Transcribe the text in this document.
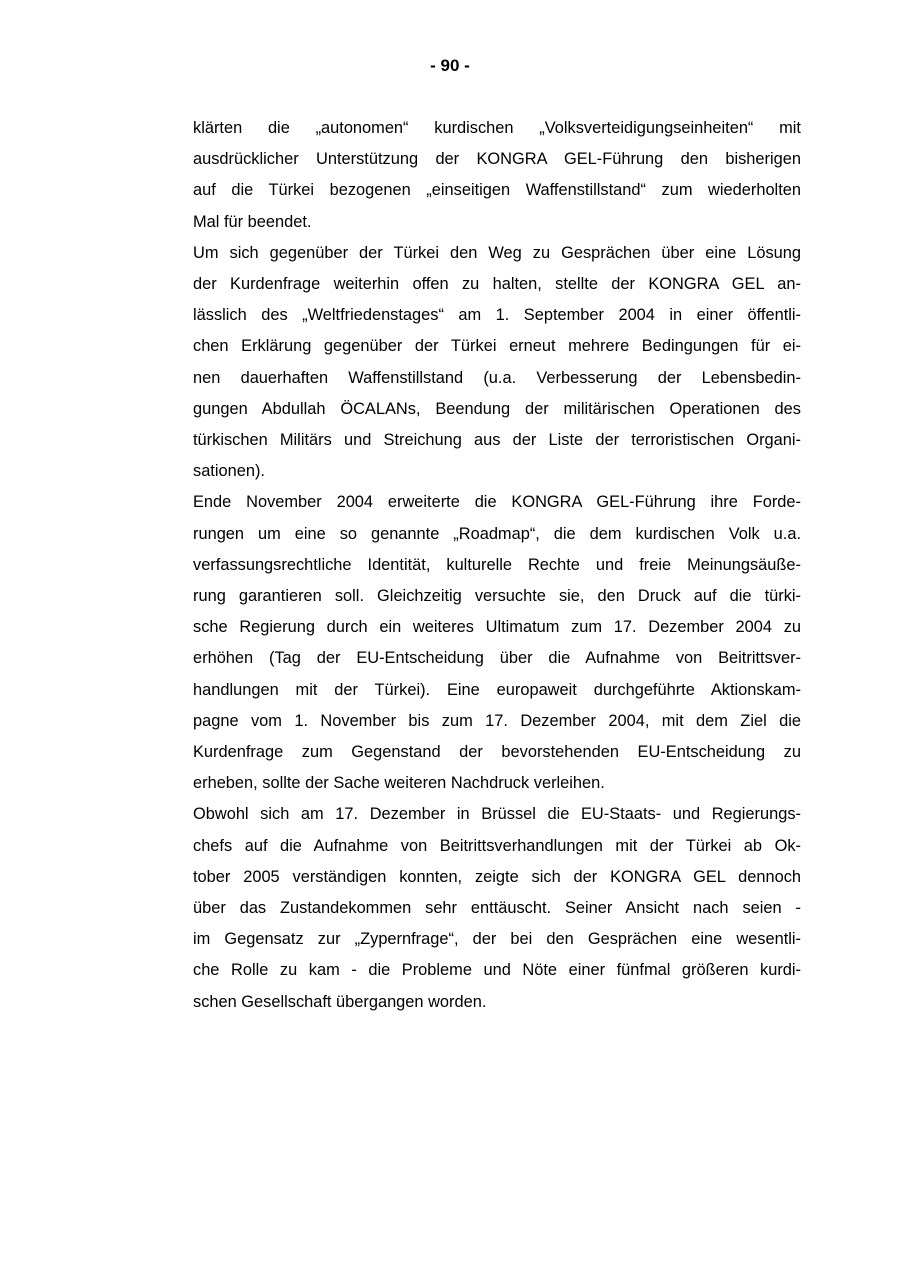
- 90 -

klärten die „autonomen“ kurdischen „Volksverteidigungseinheiten“ mit
ausdrücklicher Unterstützung der KONGRA GEL-Führung den bisherigen
auf die Türkei bezogenen „einseitigen Waffenstillstand“ zum wiederholten
Mal für beendet.

Um sich gegenüber der Türkei den Weg zu Gesprächen über eine Lösung
der Kurdenfrage weiterhin offen zu halten, stellte der KONGRA GEL an-
lässlich des „Weltfriedenstages“ am 1. September 2004 in einer öffentli-
chen Erklärung gegenüber der Türkei erneut mehrere Bedingungen für ei-
nen dauerhaften Waffenstillstand (u.a. Verbesserung der Lebensbedin-
gungen Abdullah ÖCALANs, Beendung der militärischen Operationen des
türkischen Militärs und Streichung aus der Liste der terroristischen Organi-
sationen).

Ende November 2004 erweiterte die KONGRA GEL-Führung ihre Forde-
rungen um eine so genannte „Roadmap“, die dem kurdischen Volk u.a.
verfassungsrechtliche Identität, kulturelle Rechte und freie Meinungsäuße-
rung garantieren soll. Gleichzeitig versuchte sie, den Druck auf die türki-
sche Regierung durch ein weiteres Ultimatum zum 17. Dezember 2004 zu
erhöhen (Tag der EU-Entscheidung über die Aufnahme von Beitrittsver-
handlungen mit der Türkei). Eine europaweit durchgeführte Aktionskam-
pagne vom 1. November bis zum 17. Dezember 2004, mit dem Ziel die
Kurdenfrage zum Gegenstand der bevorstehenden EU-Entscheidung zu
erheben, sollte der Sache weiteren Nachdruck verleihen.

Obwohl sich am 17. Dezember in Brüssel die EU-Staats- und Regierungs-
chefs auf die Aufnahme von Beitrittsverhandlungen mit der Türkei ab Ok-
tober 2005 verständigen konnten, zeigte sich der KONGRA GEL dennoch
über das Zustandekommen sehr enttäuscht. Seiner Ansicht nach seien -
im Gegensatz zur „Zypernfrage“, der bei den Gesprächen eine wesentli-
che Rolle zu kam - die Probleme und Nöte einer fünfmal größeren kurdi-
schen Gesellschaft übergangen worden.
